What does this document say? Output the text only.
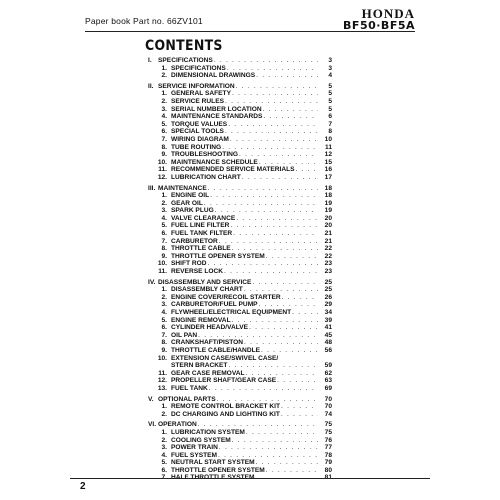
Paper book Part no. 66ZV101	HONDA
BF50·BF5A
CONTENTS
I. SPECIFICATIONS . . .	3
1. SPECIFICATIONS . . .	3
2. DIMENSIONAL DRAWINGS . . .	4
II. SERVICE INFORMATION . . .	5
1. GENERAL SAFETY . . .	5
2. SERVICE RULES . . .	5
3. SERIAL NUMBER LOCATION . . .	5
4. MAINTENANCE STANDARDS . . .	6
5. TORQUE VALUES . . .	7
6. SPECIAL TOOLS . . .	8
7. WIRING DIAGRAM . . .	10
8. TUBE ROUTING . . .	11
9. TROUBLESHOOTING . . .	12
10. MAINTENANCE SCHEDULE . . .	15
11. RECOMMENDED SERVICE MATERIALS . . .	16
12. LUBRICATION CHART . . .	17
III. MAINTENANCE . . .	18
1. ENGINE OIL . . .	18
2. GEAR OIL . . .	19
3. SPARK PLUG . . .	19
4. VALVE CLEARANCE . . .	20
5. FUEL LINE FILTER . . .	20
6. FUEL TANK FILTER . . .	21
7. CARBURETOR . . .	21
8. THROTTLE CABLE . . .	22
9. THROTTLE OPENER SYSTEM . . .	22
10. SHIFT ROD . . .	23
11. REVERSE LOCK . . .	23
IV. DISASSEMBLY AND SERVICE . . .	25
1. DISASSEMBLY CHART . . .	25
2. ENGINE COVER/RECOIL STARTER . . .	26
3. CARBURETOR/FUEL PUMP . . .	29
4. FLYWHEEL/ELECTRICAL EQUIPMENT . . .	34
5. ENGINE REMOVAL . . .	39
6. CYLINDER HEAD/VALVE . . .	41
7. OIL PAN . . .	45
8. CRANKSHAFT/PISTON . . .	48
9. THROTTLE CABLE/HANDLE . . .	56
10. EXTENSION CASE/SWIVEL CASE/
STERN BRACKET . . .	59
11. GEAR CASE REMOVAL . . .	62
12. PROPELLER SHAFT/GEAR CASE . . .	63
13. FUEL TANK . . .	69
V. OPTIONAL PARTS . . .	70
1. REMOTE CONTROL BRACKET KIT . . .	70
2. DC CHARGING AND LIGHTING KIT . . .	74
VI. OPERATION . . .	75
1. LUBRICATION SYSTEM . . .	75
2. COOLING SYSTEM . . .	76
3. POWER TRAIN . . .	77
4. FUEL SYSTEM . . .	78
5. NEUTRAL START SYSTEM . . .	79
6. THROTTLE OPENER SYSTEM . . .	80
7. HALF THROTTLE SYSTEM . . .	81
2
